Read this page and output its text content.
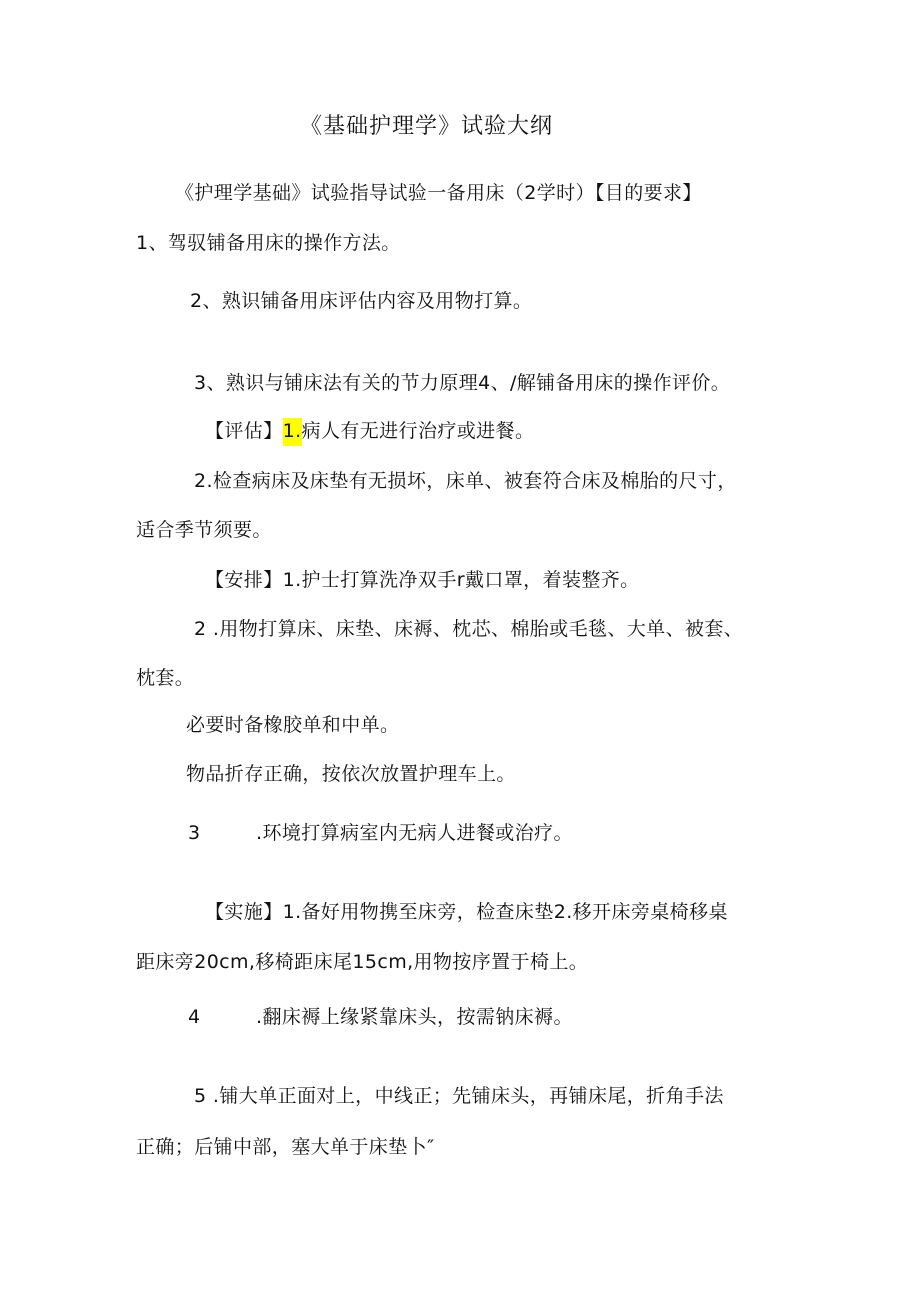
《基础护理学》试验大纲
《护理学基础》试验指导试验一备用床（2学时）【目的要求】
1、驾驭铺备用床的操作方法。
2、熟识铺备用床评估内容及用物打算。
3、熟识与铺床法有关的节力原理4、/解铺备用床的操作评价。
【评估】1.病人有无进行治疗或进餐。
2.检查病床及床垫有无损坏，床单、被套符合床及棉胎的尺寸，
适合季节须要。
【安排】1.护士打算洗净双手r戴口罩，着装整齐。
2 .用物打算床、床垫、床褥、枕芯、棉胎或毛毯、大单、被套、
枕套。
必要时备橡胶单和中单。
物品折存正确，按依次放置护理车上。
3	.环境打算病室内无病人进餐或治疗。
【实施】1.备好用物携至床旁，检查床垫2.移开床旁桌椅移桌
距床旁20cm,移椅距床尾15cm,用物按序置于椅上。
4	.翻床褥上缘紧靠床头，按需钠床褥。
5 .铺大单正面对上，中线正；先铺床头，再铺床尾，折角手法
正确；后铺中部，塞大单于床垫卜″
